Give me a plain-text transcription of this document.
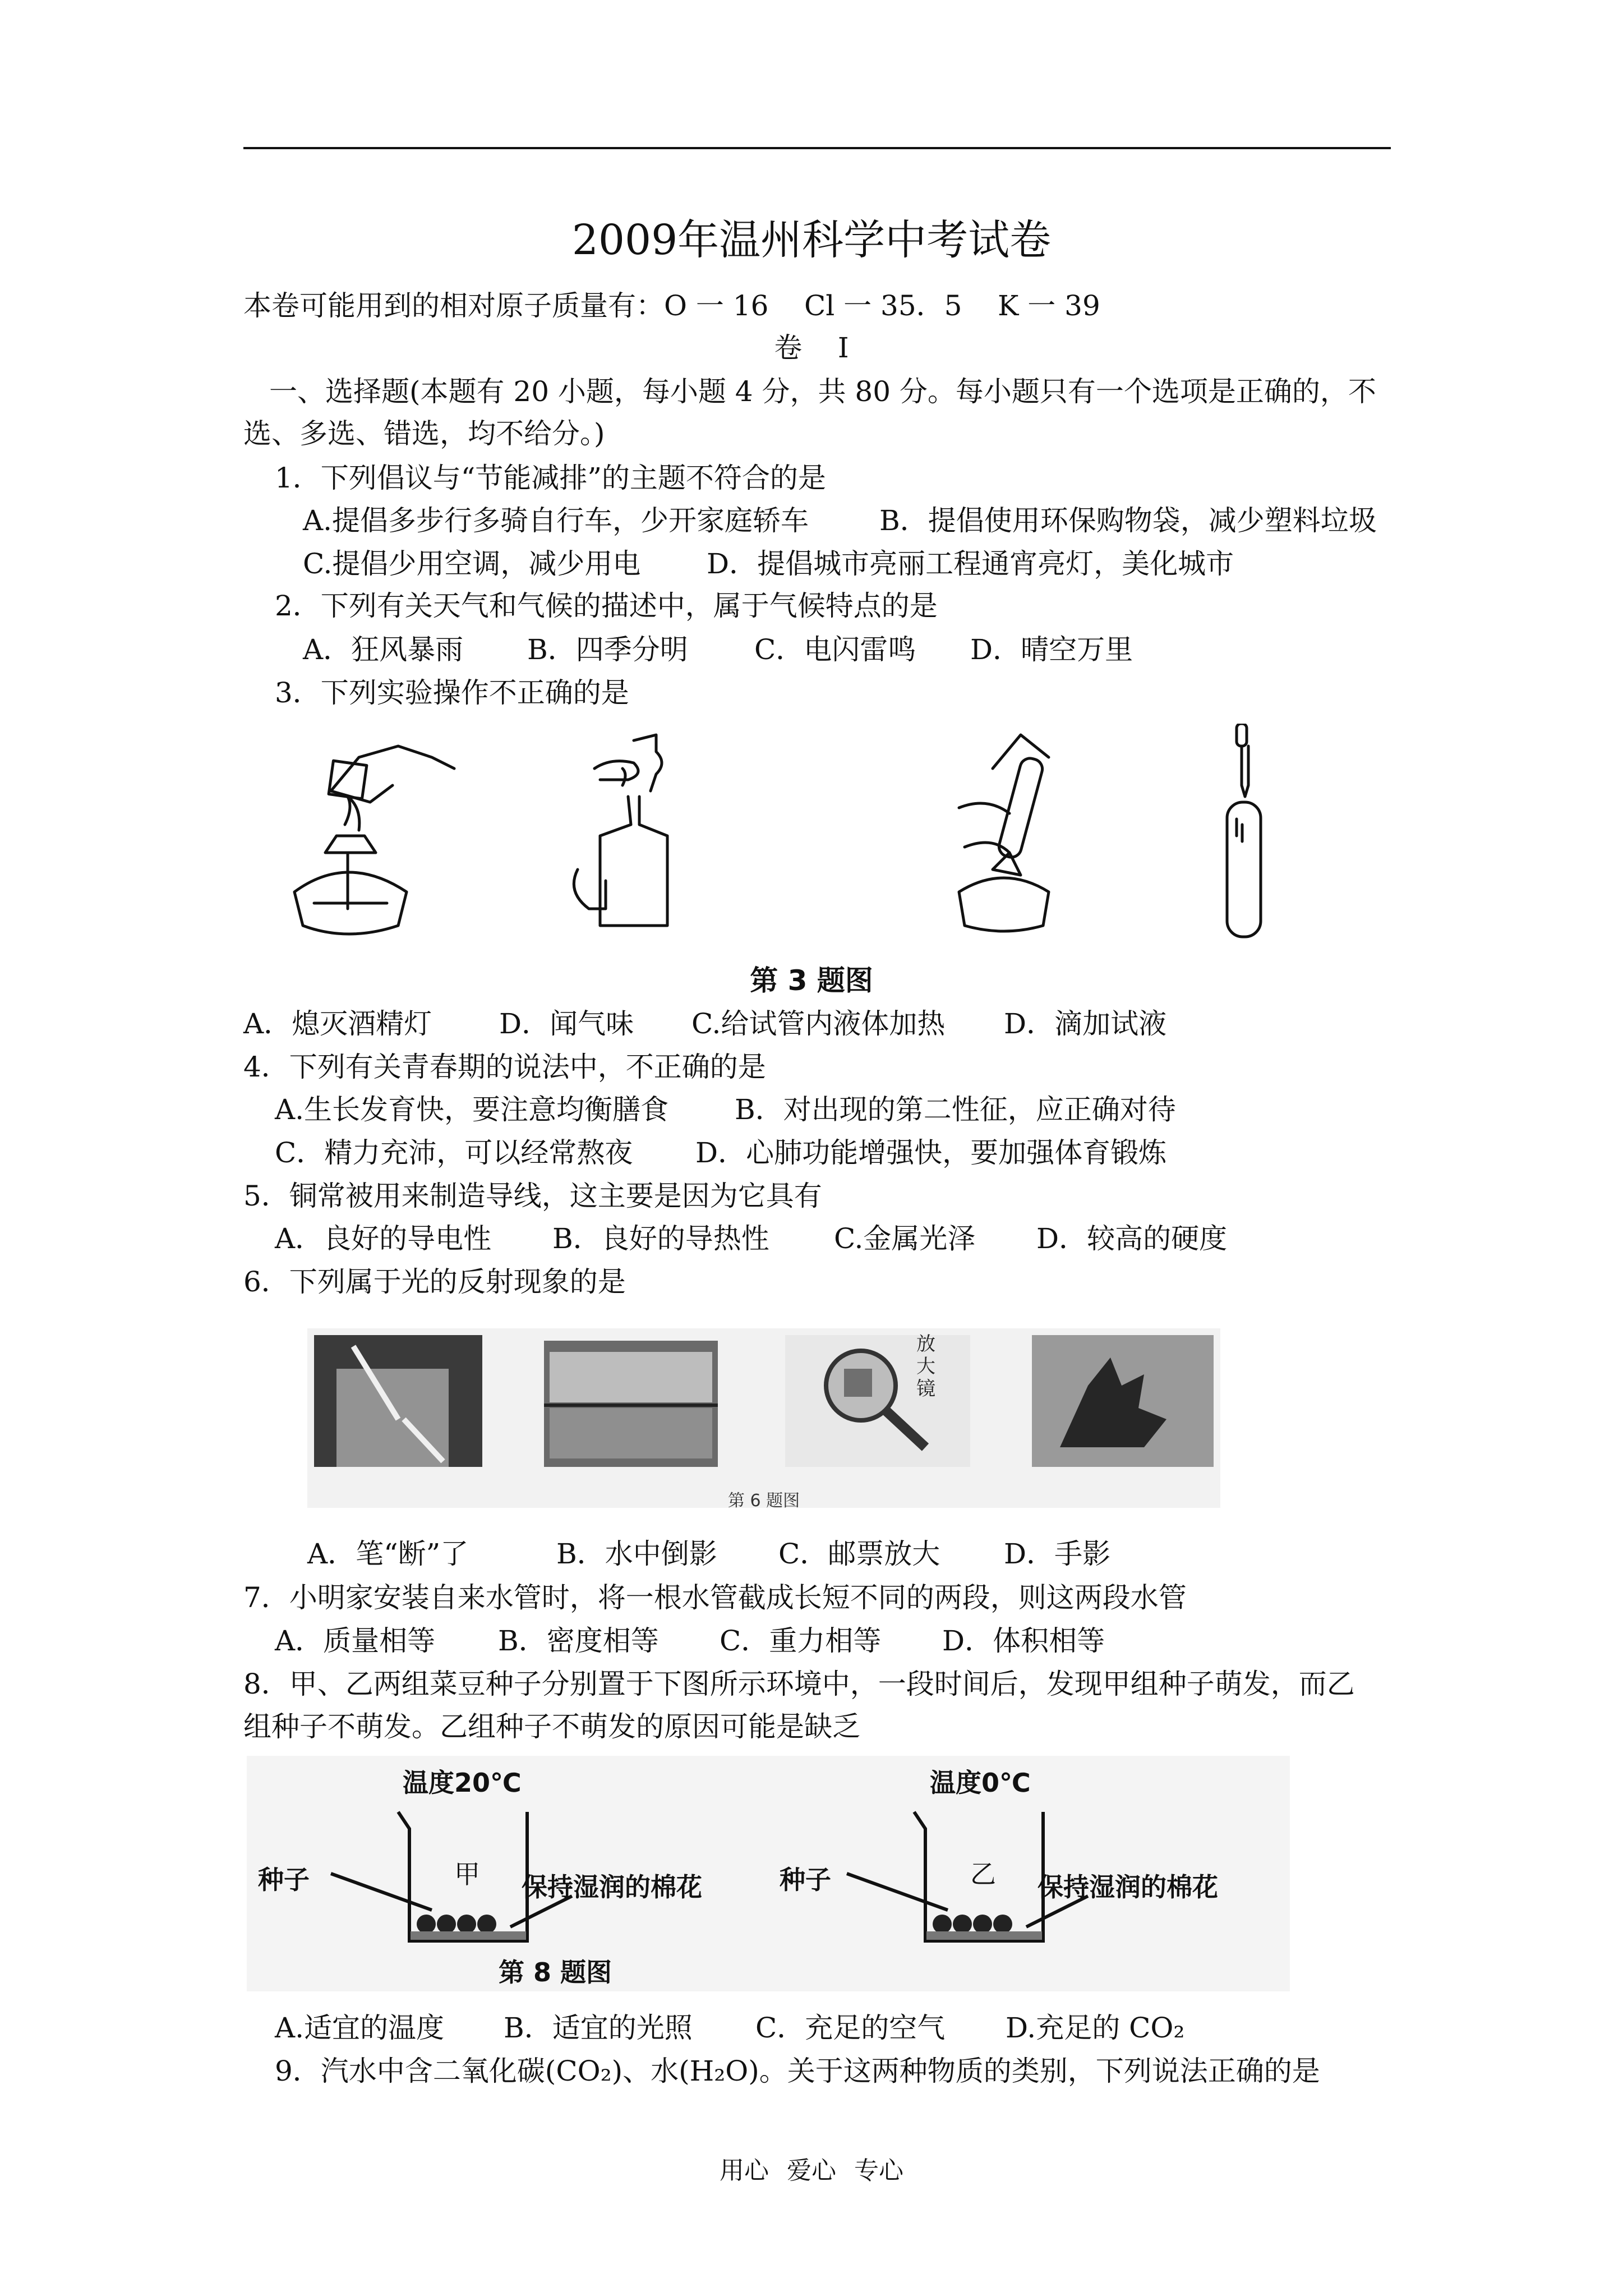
2009年温州科学中考试卷
本卷可能用到的相对原子质量有：O 一 16    Cl 一 35．5    K 一 39
卷    I
一、选择题(本题有 20 小题，每小题 4 分，共 80 分。每小题只有一个选项是正确的，不
选、多选、错选，均不给分。)
1．下列倡议与“节能减排”的主题不符合的是
A.提倡多步行多骑自行车，少开家庭轿车	B．提倡使用环保购物袋，减少塑料垃圾
C.提倡少用空调，减少用电 D．提倡城市亮丽工程通宵亮灯，美化城市
2．下列有关天气和气候的描述中，属于气候特点的是
A．狂风暴雨 B．四季分明 C．电闪雷鸣 D．晴空万里
3．下列实验操作不正确的是
第 3 题图
A．熄灭酒精灯 D．闻气味 C.给试管内液体加热 D．滴加试液
4．下列有关青春期的说法中，不正确的是
A.生长发育快，要注意均衡膳食 B．对出现的第二性征，应正确对待
C．精力充沛，可以经常熬夜 D．心肺功能增强快，要加强体育锻炼
5．铜常被用来制造导线，这主要是因为它具有
A．良好的导电性 B．良好的导热性 C.金属光泽 D．较高的硬度
6．下列属于光的反射现象的是
放大镜
第 6 题图
A．笔“断”了	B．水中倒影 C．邮票放大 D．手影
7．小明家安装自来水管时，将一根水管截成长短不同的两段，则这两段水管
A．质量相等 B．密度相等 C．重力相等 D．体积相等
8．甲、乙两组菜豆种子分别置于下图所示环境中，一段时间后，发现甲组种子萌发，而乙
组种子不萌发。乙组种子不萌发的原因可能是缺乏
温度20℃	温度0℃
种子	种子
甲	乙
保持湿润的棉花	保持湿润的棉花
第 8 题图
A.适宜的温度 B．适宜的光照 C．充足的空气 D.充足的 CO₂
9．汽水中含二氧化碳(CO₂)、水(H₂O)。关于这两种物质的类别，下列说法正确的是
用心 爱心 专心
